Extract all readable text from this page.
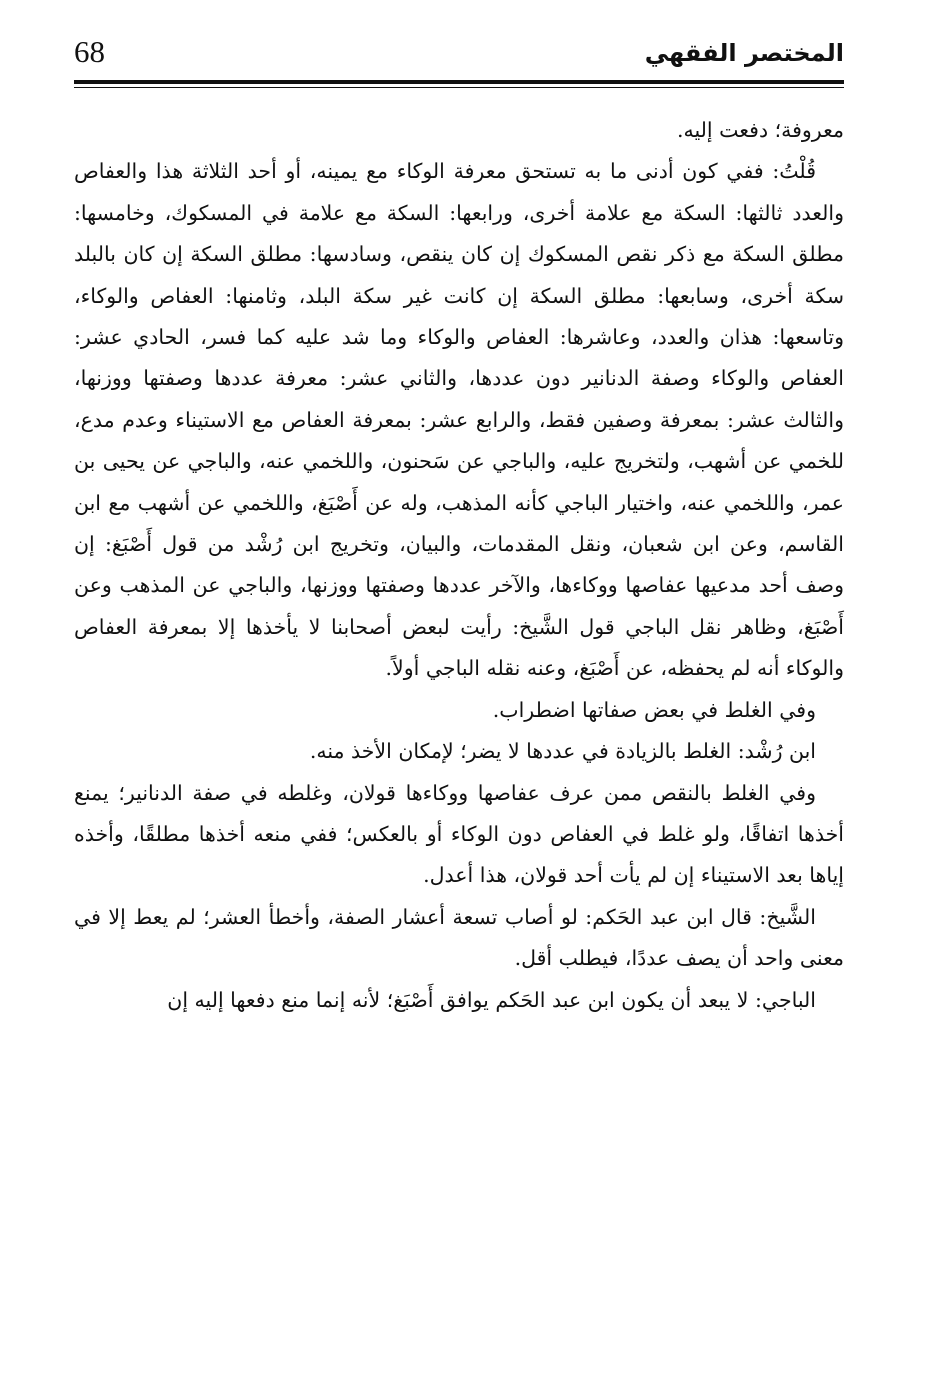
68	المختصر الفقهي

معروفة؛ دفعت إليه.

قُلْتُ: ففي كون أدنى ما به تستحق معرفة الوكاء مع يمينه، أو أحد الثلاثة هذا والعفاص والعدد ثالثها: السكة مع علامة أخرى، ورابعها: السكة مع علامة في المسكوك، وخامسها: مطلق السكة مع ذكر نقص المسكوك إن كان ينقص، وسادسها: مطلق السكة إن كان بالبلد سكة أخرى، وسابعها: مطلق السكة إن كانت غير سكة البلد، وثامنها: العفاص والوكاء، وتاسعها: هذان والعدد، وعاشرها: العفاص والوكاء وما شد عليه كما فسر، الحادي عشر: العفاص والوكاء وصفة الدنانير دون عددها، والثاني عشر: معرفة عددها وصفتها ووزنها، والثالث عشر: بمعرفة وصفين فقط، والرابع عشر: بمعرفة العفاص مع الاستيناء وعدم مدع، للخمي عن أشهب، ولتخريج عليه، والباجي عن سَحنون، واللخمي عنه، والباجي عن يحيى بن عمر، واللخمي عنه، واختيار الباجي كأنه المذهب، وله عن أَصْبَغ، واللخمي عن أشهب مع ابن القاسم، وعن ابن شعبان، ونقل المقدمات، والبيان، وتخريج ابن رُشْد من قول أَصْبَغ: إن وصف أحد مدعيها عفاصها ووكاءها، والآخر عددها وصفتها ووزنها، والباجي عن المذهب وعن أَصْبَغ، وظاهر نقل الباجي قول الشَّيخ: رأيت لبعض أصحابنا لا يأخذها إلا بمعرفة العفاص والوكاء أنه لم يحفظه، عن أَصْبَغ، وعنه نقله الباجي أولاً.

وفي الغلط في بعض صفاتها اضطراب.

ابن رُشْد: الغلط بالزيادة في عددها لا يضر؛ لإمكان الأخذ منه.

وفي الغلط بالنقص ممن عرف عفاصها ووكاءها قولان، وغلطه في صفة الدنانير؛ يمنع أخذها اتفاقًا، ولو غلط في العفاص دون الوكاء أو بالعكس؛ ففي منعه أخذها مطلقًا، وأخذه إياها بعد الاستيناء إن لم يأت أحد قولان، هذا أعدل.

الشَّيخ: قال ابن عبد الحَكم: لو أصاب تسعة أعشار الصفة، وأخطأ العشر؛ لم يعط إلا في معنى واحد أن يصف عددًا، فيطلب أقل.

الباجي: لا يبعد أن يكون ابن عبد الحَكم يوافق أَصْبَغ؛ لأنه إنما منع دفعها إليه إن
